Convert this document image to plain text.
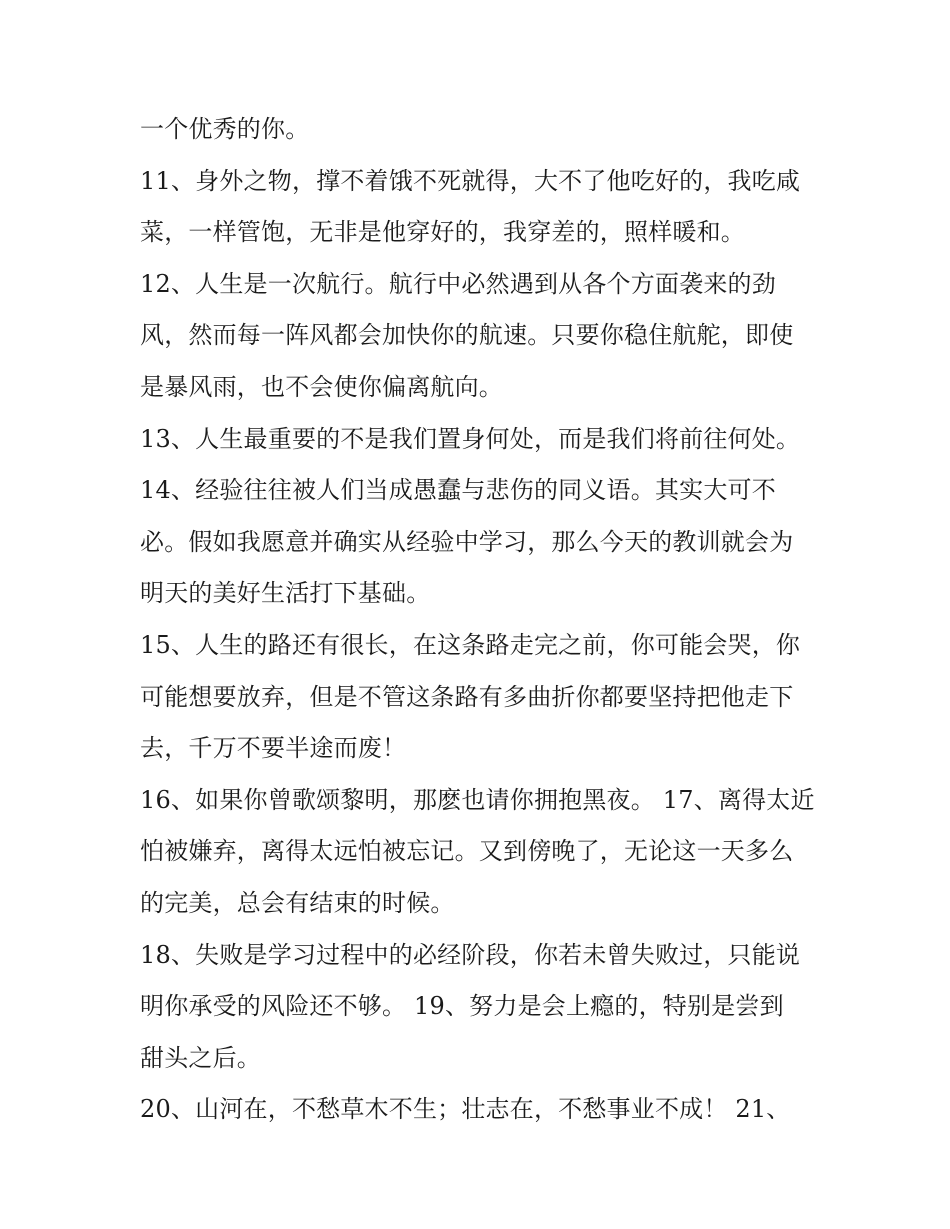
一个优秀的你。
11、身外之物，撑不着饿不死就得，大不了他吃好的，我吃咸
菜，一样管饱，无非是他穿好的，我穿差的，照样暖和。
12、人生是一次航行。航行中必然遇到从各个方面袭来的劲
风，然而每一阵风都会加快你的航速。只要你稳住航舵，即使
是暴风雨，也不会使你偏离航向。
13、人生最重要的不是我们置身何处，而是我们将前往何处。
14、经验往往被人们当成愚蠢与悲伤的同义语。其实大可不
必。假如我愿意并确实从经验中学习，那么今天的教训就会为
明天的美好生活打下基础。
15、人生的路还有很长，在这条路走完之前，你可能会哭，你
可能想要放弃，但是不管这条路有多曲折你都要坚持把他走下
去，千万不要半途而废！
16、如果你曾歌颂黎明，那麽也请你拥抱黑夜。 17、离得太近
怕被嫌弃，离得太远怕被忘记。又到傍晚了，无论这一天多么
的完美，总会有结束的时候。
18、失败是学习过程中的必经阶段，你若未曾失败过，只能说
明你承受的风险还不够。 19、努力是会上瘾的，特别是尝到
甜头之后。
20、山河在，不愁草木不生；壮志在，不愁事业不成！ 21、
